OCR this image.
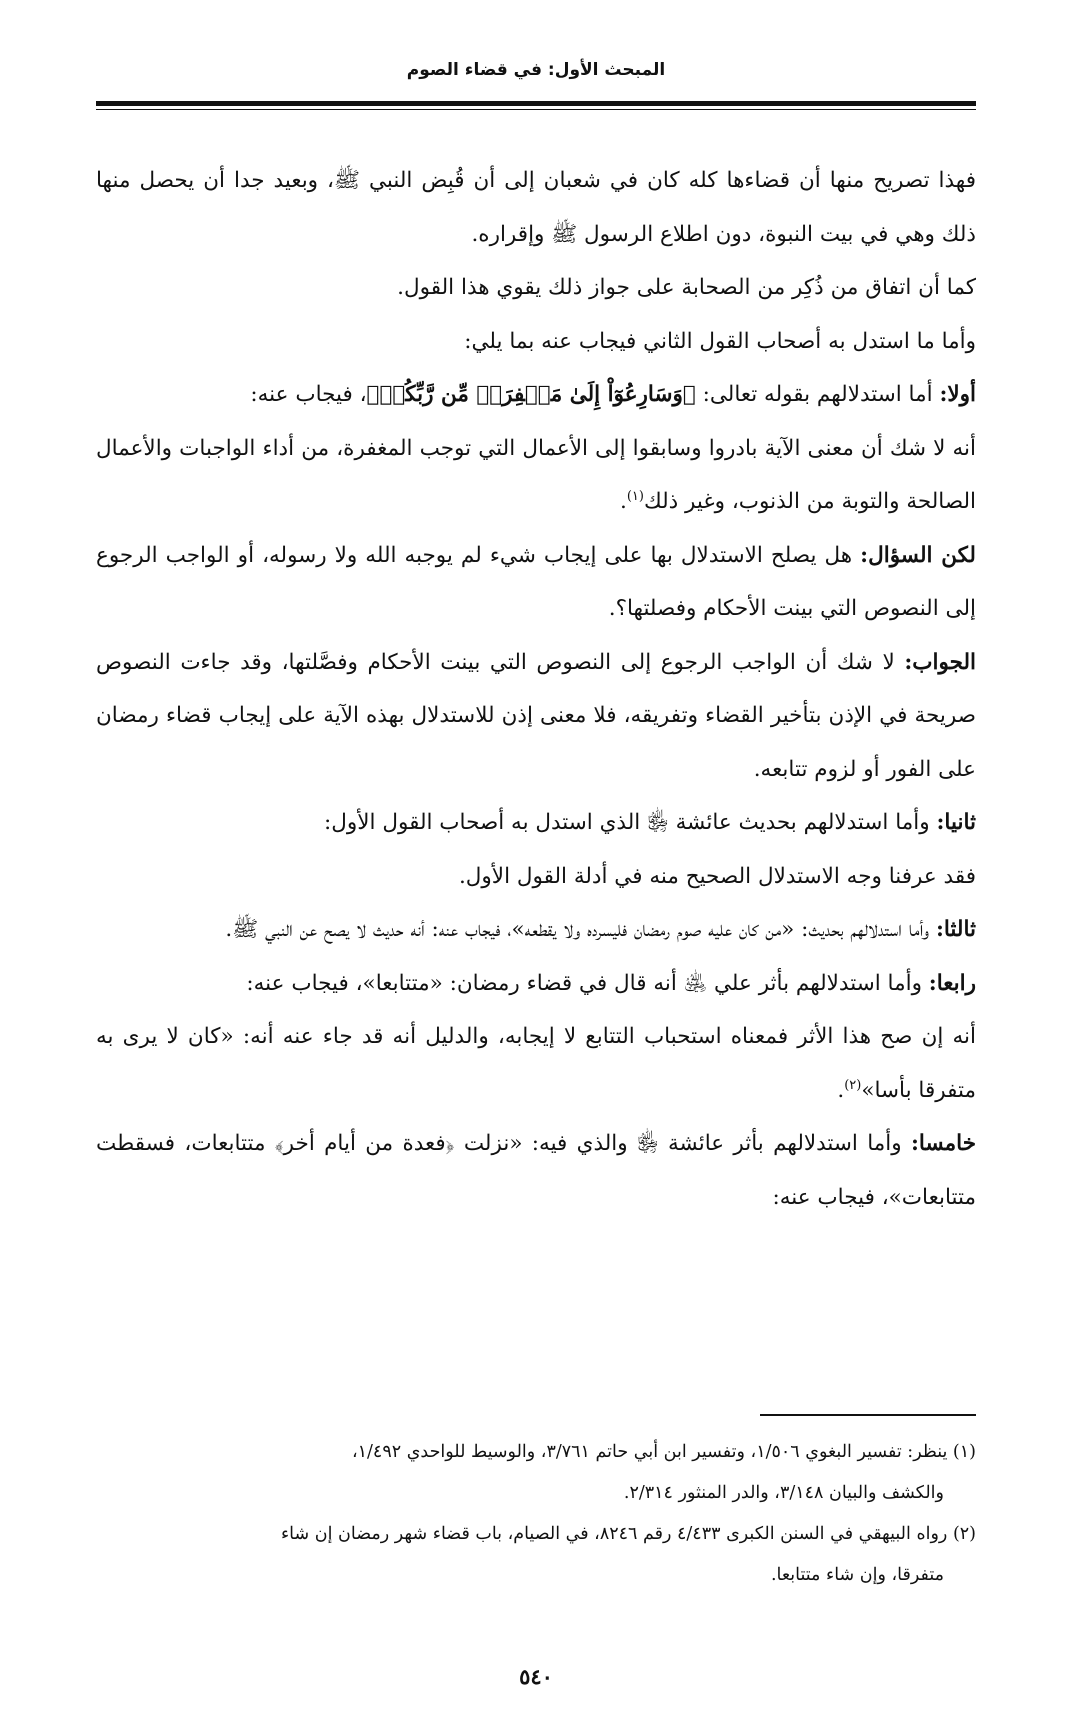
المبحث الأول: في قضاء الصوم

فهذا تصريح منها أن قضاءها كله كان في شعبان إلى أن قُبِض النبي ﷺ، وبعيد جدا أن يحصل منها ذلك وهي في بيت النبوة، دون اطلاع الرسول ﷺ وإقراره.

كما أن اتفاق من ذُكِر من الصحابة على جواز ذلك يقوي هذا القول.

وأما ما استدل به أصحاب القول الثاني فيجاب عنه بما يلي:

أولا: أما استدلالهم بقوله تعالى: ﴿وَسَارِعُوٓاْ إِلَىٰ مَغۡفِرَةٖ مِّن رَّبِّكُمۡ﴾، فيجاب عنه:

أنه لا شك أن معنى الآية بادروا وسابقوا إلى الأعمال التي توجب المغفرة، من أداء الواجبات والأعمال الصالحة والتوبة من الذنوب، وغير ذلك$^{(١)}$.

لكن السؤال: هل يصلح الاستدلال بها على إيجاب شيء لم يوجبه الله ولا رسوله، أو الواجب الرجوع إلى النصوص التي بينت الأحكام وفصلتها؟.

الجواب: لا شك أن الواجب الرجوع إلى النصوص التي بينت الأحكام وفصَّلتها، وقد جاءت النصوص صريحة في الإذن بتأخير القضاء وتفريقه، فلا معنى إذن للاستدلال بهذه الآية على إيجاب قضاء رمضان على الفور أو لزوم تتابعه.

ثانيا: وأما استدلالهم بحديث عائشة ﵂ الذي استدل به أصحاب القول الأول:

فقد عرفنا وجه الاستدلال الصحيح منه في أدلة القول الأول.

ثالثا: وأما استدلالهم بحديث: «من كان عليه صوم رمضان فليسرده ولا يقطعه»، فيجاب عنه: أنه حديث لا يصح عن النبي ﷺ.

رابعا: وأما استدلالهم بأثر علي ﵁ أنه قال في قضاء رمضان: «متتابعا»، فيجاب عنه:

أنه إن صح هذا الأثر فمعناه استحباب التتابع لا إيجابه، والدليل أنه قد جاء عنه أنه: «كان لا يرى به متفرقا بأسا»$^{(٢)}$.

خامسا: وأما استدلالهم بأثر عائشة ﵂ والذي فيه: «نزلت ﴿فعدة من أيام أخر﴾ متتابعات، فسقطت متتابعات»، فيجاب عنه:

(١) ينظر: تفسير البغوي ١/٥٠٦، وتفسير ابن أبي حاتم ٣/٧٦١، والوسيط للواحدي ١/٤٩٢،

والكشف والبيان ٣/١٤٨، والدر المنثور ٢/٣١٤.

(٢) رواه البيهقي في السنن الكبرى ٤/٤٣٣ رقم ٨٢٤٦، في الصيام، باب قضاء شهر رمضان إن شاء

متفرقا، وإن شاء متتابعا.

٥٤٠
